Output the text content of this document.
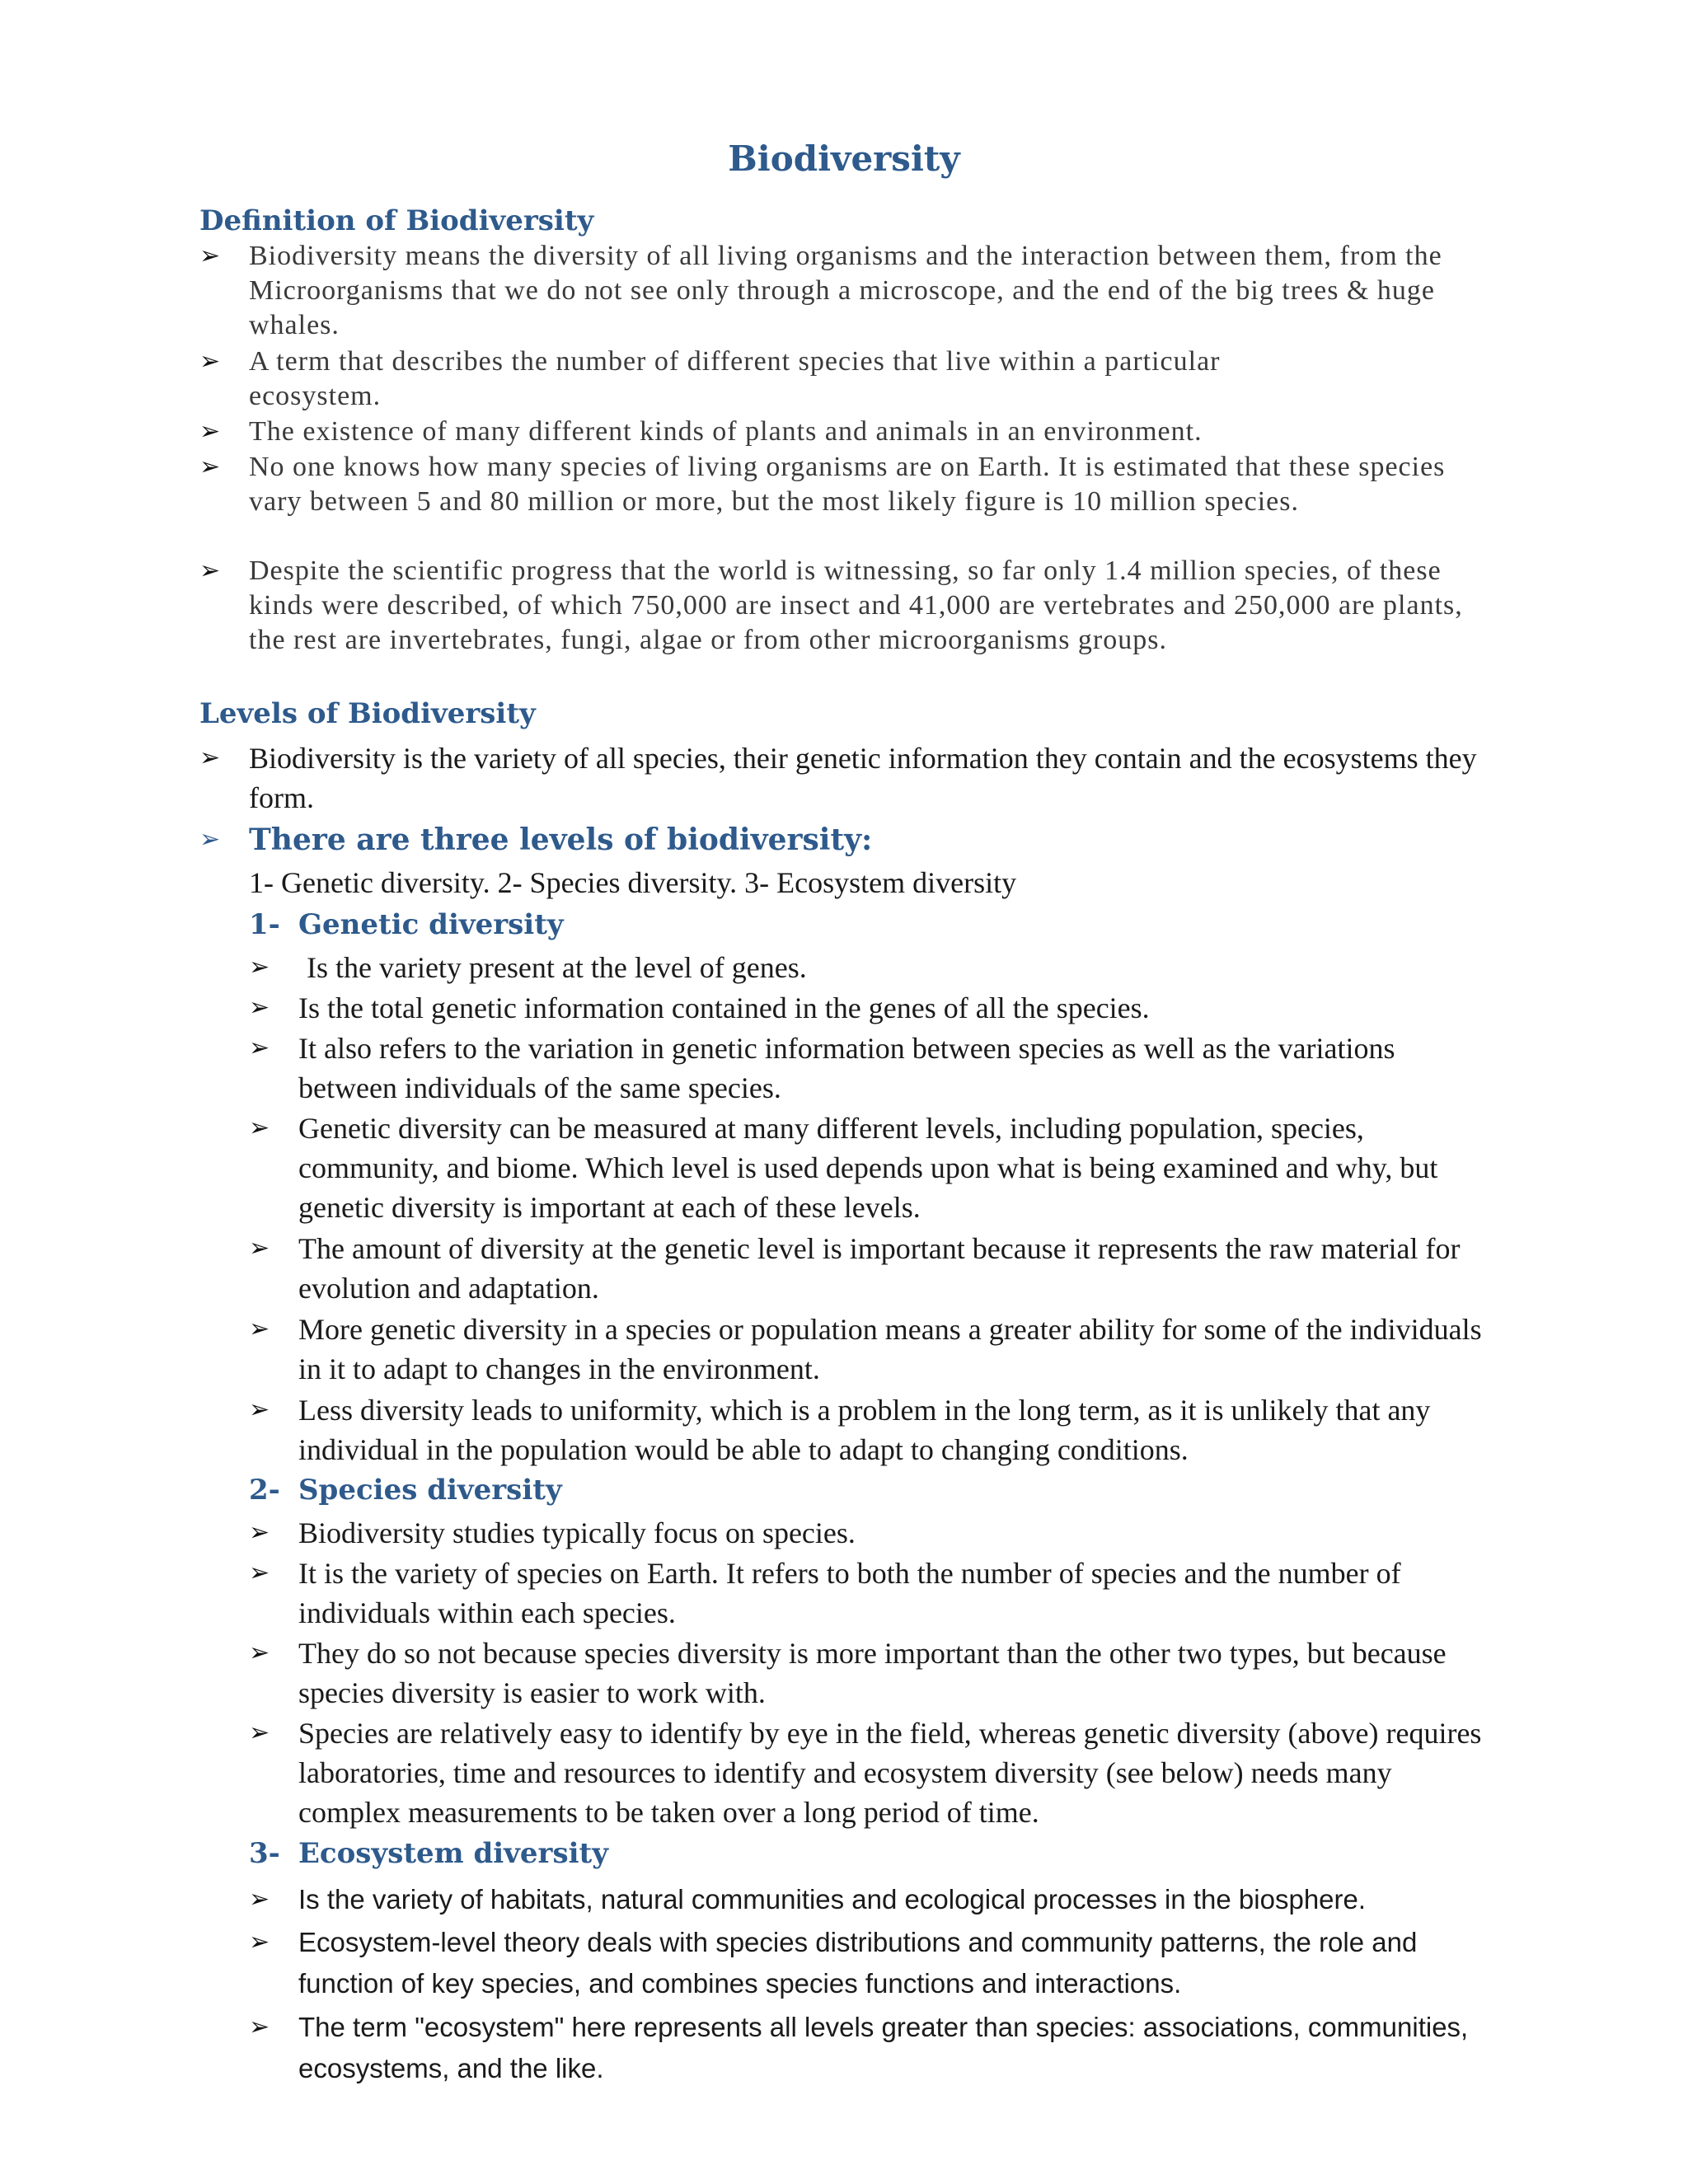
Biodiversity
Definition of Biodiversity
➢	Biodiversity means the diversity of all living organisms and the interaction between them, from the Microorganisms that we do not see only through a microscope, and the end of the big trees & huge whales.
➢	A term that describes the number of different species that live within a particular ecosystem.
➢	The existence of many different kinds of plants and animals in an environment.
➢	No one knows how many species of living organisms are on Earth. It is estimated that these species vary between 5 and 80 million or more, but the most likely figure is 10 million species.
➢	Despite the scientific progress that the world is witnessing, so far only 1.4 million species, of these kinds were described, of which 750,000 are insect and 41,000 are vertebrates and 250,000 are plants, the rest are invertebrates, fungi, algae or from other microorganisms groups.
Levels of Biodiversity
➢ Biodiversity is the variety of all species, their genetic information they contain and the ecosystems they form.
➢ There are three levels of biodiversity:
1- Genetic diversity. 2- Species diversity. 3- Ecosystem diversity
1- Genetic diversity
➢	Is the variety present at the level of genes.
➢ Is the total genetic information contained in the genes of all the species.
➢ It also refers to the variation in genetic information between species as well as the variations between individuals of the same species.
➢ Genetic diversity can be measured at many different levels, including population, species, community, and biome. Which level is used depends upon what is being examined and why, but genetic diversity is important at each of these levels.
➢ The amount of diversity at the genetic level is important because it represents the raw material for evolution and adaptation.
➢ More genetic diversity in a species or population means a greater ability for some of the individuals in it to adapt to changes in the environment.
➢ Less diversity leads to uniformity, which is a problem in the long term, as it is unlikely that any individual in the population would be able to adapt to changing conditions.
2- Species diversity
➢ Biodiversity studies typically focus on species.
➢ It is the variety of species on Earth. It refers to both the number of species and the number of individuals within each species.
➢ They do so not because species diversity is more important than the other two types, but because species diversity is easier to work with.
➢ Species are relatively easy to identify by eye in the field, whereas genetic diversity (above) requires laboratories, time and resources to identify and ecosystem diversity (see below) needs many complex measurements to be taken over a long period of time.
3- Ecosystem diversity
➢	Is the variety of habitats, natural communities and ecological processes in the biosphere.
➢	Ecosystem-level theory deals with species distributions and community patterns, the role and function of key species, and combines species functions and interactions.
➢	The term "ecosystem" here represents all levels greater than species: associations, communities, ecosystems, and the like.
